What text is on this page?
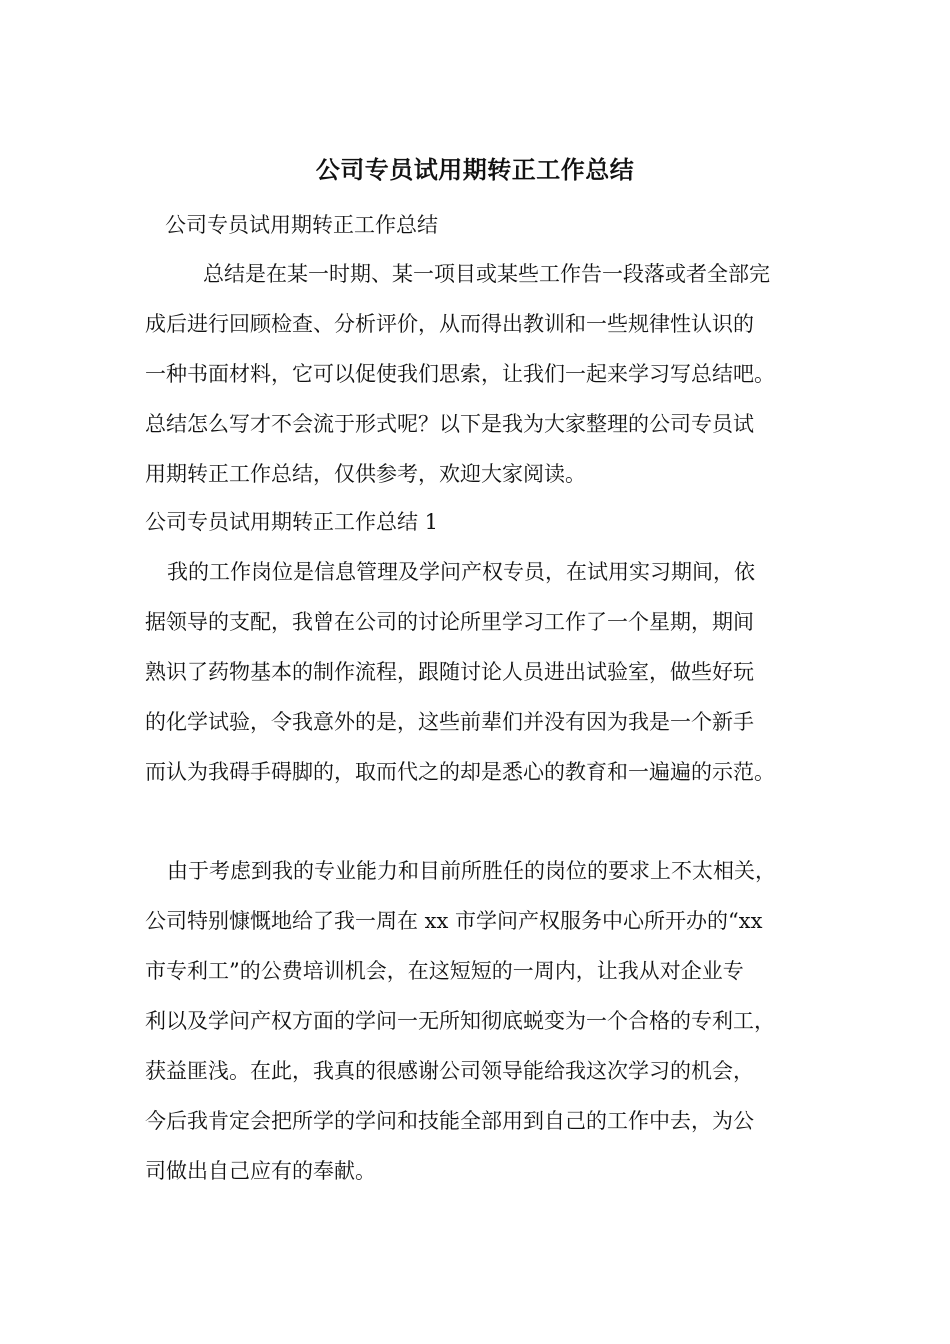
公司专员试用期转正工作总结
公司专员试用期转正工作总结
总结是在某一时期、某一项目或某些工作告一段落或者全部完
成后进行回顾检查、分析评价，从而得出教训和一些规律性认识的
一种书面材料，它可以促使我们思索，让我们一起来学习写总结吧。
总结怎么写才不会流于形式呢？以下是我为大家整理的公司专员试
用期转正工作总结，仅供参考，欢迎大家阅读。
公司专员试用期转正工作总结 1
我的工作岗位是信息管理及学问产权专员，在试用实习期间，依
据领导的支配，我曾在公司的讨论所里学习工作了一个星期，期间
熟识了药物基本的制作流程，跟随讨论人员进出试验室，做些好玩
的化学试验，令我意外的是，这些前辈们并没有因为我是一个新手
而认为我碍手碍脚的，取而代之的却是悉心的教育和一遍遍的示范。
由于考虑到我的专业能力和目前所胜任的岗位的要求上不太相关，
公司特别慷慨地给了我一周在 xx 市学问产权服务中心所开办的“xx
市专利工”的公费培训机会，在这短短的一周内，让我从对企业专
利以及学问产权方面的学问一无所知彻底蜕变为一个合格的专利工，
获益匪浅。在此，我真的很感谢公司领导能给我这次学习的机会，
今后我肯定会把所学的学问和技能全部用到自己的工作中去，为公
司做出自己应有的奉献。
